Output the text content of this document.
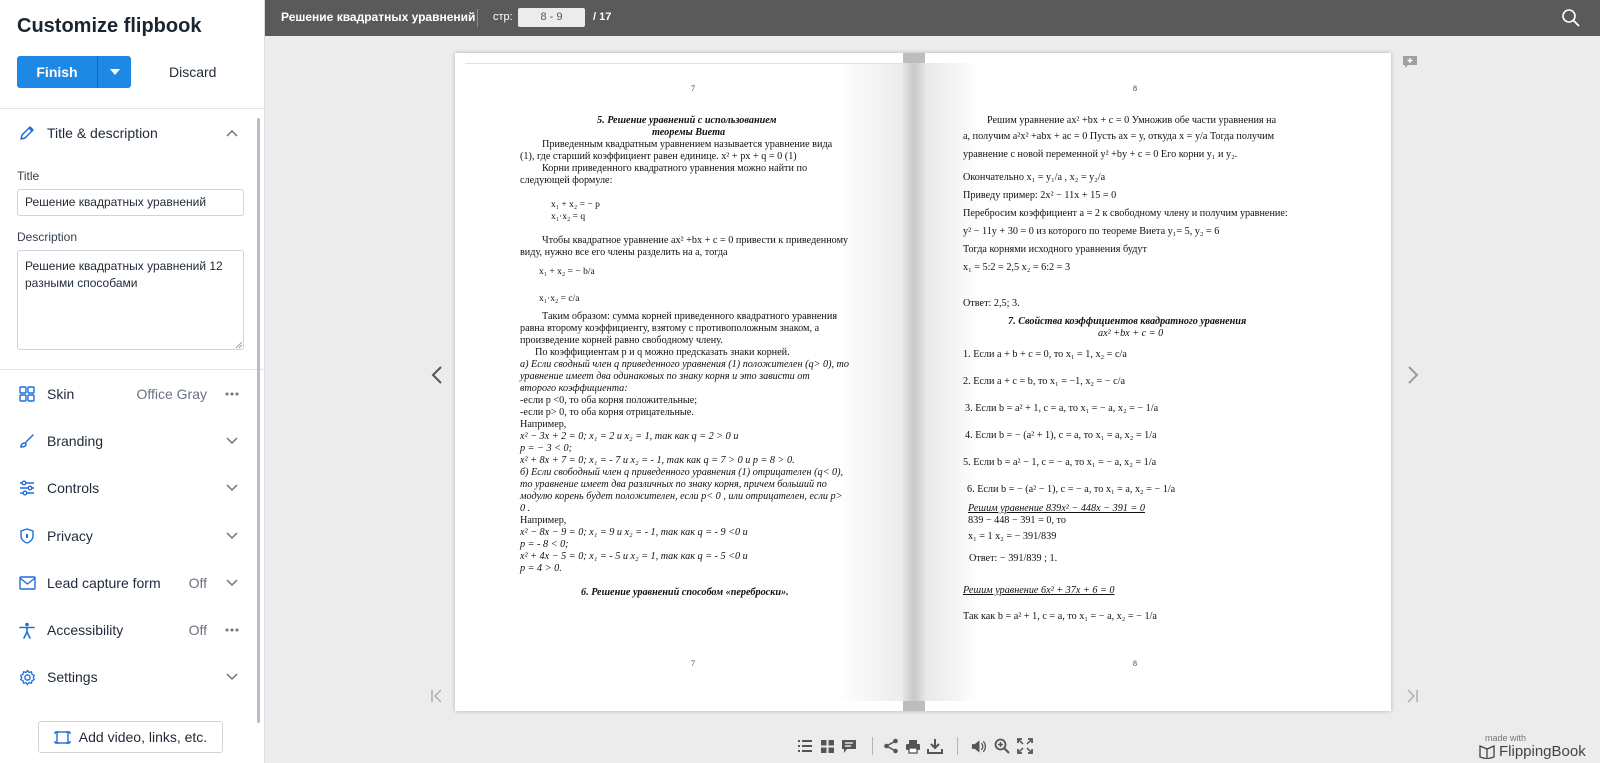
Customize flipbook
Finish	Discard
Title & description
Title
Решение квадратных уравнений
Description
Решение квадратных уравнений 12 разными способами
Skin	Office Gray
Branding
Controls
Privacy
Lead capture form Off
Accessibility	Off
Settings
Add video, links, etc.
Решение квадратных уравнений стр:	8 - 9	/ 17
7
5. Решение уравнений с использованием
теоремы Виета
Приведенным квадратным уравнением называется уравнение вида
(1), где старший коэффициент равен единице. x² + px + q = 0 (1)
Корни приведенного квадратного уравнения можно найти по
следующей формуле:
x₁ + x₂ = − p
x₁·x₂ = q
Чтобы квадратное уравнение ax² +bx + c = 0 привести к приведенному
виду, нужно все его члены разделить на a, тогда
x₁ + x₂ = − b/a
x₁·x₂ = c/a
Таким образом: сумма корней приведенного квадратного уравнения
равна второму коэффициенту, взятому с противоположным знаком, а
произведение корней равно свободному члену.
По коэффициентам p и q можно предсказать знаки корней.
а) Если сводный член q приведенного уравнения (1) положителен (q> 0), то
уравнение имеет два одинаковых по знаку корня и это зависти от
второго коэффициента:
-если p <0, то оба корня положительные;
-если p> 0, то оба корня отрицательные.
Например,
x² − 3x + 2 = 0; x₁ = 2 и x₂ = 1, так как q = 2 > 0 и
p = − 3 < 0;
x² + 8x + 7 = 0; x₁ = - 7 и x₂ = - 1, так как q = 7 > 0 и p = 8 > 0.
б) Если свободный член q приведенного уравнения (1) отрицателен (q< 0),
то уравнение имеет два различных по знаку корня, причем больший по
модулю корень будет положителен, если p< 0 , или отрицателен, если p>
0 .
Например,
x² − 8x − 9 = 0; x₁ = 9 и x₂ = - 1, так как q = - 9 <0 и
p = - 8 < 0;
x² + 4x − 5 = 0; x₁ = - 5 и x₂ = 1, так как q = - 5 <0 и
p = 4 > 0.
6. Решение уравнений способом «переброски».
7
8
Решим уравнение ax² +bx + c = 0 Умножив обе части уравнения на
а, получим a²x² +abx + ac = 0 Пусть ах = у, откуда x = y/a Тогда получим
уравнение с новой переменной y² +by + c = 0 Его корни y₁ и y₂.
Окончательно x₁ = y₁/a , x₂ = y₂/a
Приведу пример: 2x² − 11x + 15 = 0
Перебросим коэффициент а = 2 к свободному члену и получим уравнение:
y² − 11y + 30 = 0 из которого по теореме Виета y₁= 5, y₂ = 6
Тогда корнями исходного уравнения будут
x₁ = 5:2 = 2,5 x₂ = 6:2 = 3
Ответ: 2,5; 3.
7. Свойства коэффициентов квадратного уравнения
ax² +bx + c = 0
1. Если a + b + c = 0, то x₁ = 1, x₂ = c/a
2. Если a + c = b, то x₁ = −1, x₂ = − c/a
3. Если b = a² + 1, c = a, то x₁ = − a, x₂ = − 1/a
4. Если b = − (a² + 1), c = a, то x₁ = a, x₂ = 1/a
5. Если b = a² − 1, c = − a, то x₁ = − a, x₂ = 1/a
6. Если b = − (a² − 1), c = − a, то x₁ = a, x₂ = − 1/a
Решим уравнение 839x² − 448x − 391 = 0
839 − 448 − 391 = 0, то
x₁ = 1 x₂ = − 391/839
Ответ: − 391/839 ; 1.
Решим уравнение 6x² + 37x + 6 = 0
Так как b = a² + 1, c = a, то x₁ = − a, x₂ = − 1/a
8
made with
FlippingBook
